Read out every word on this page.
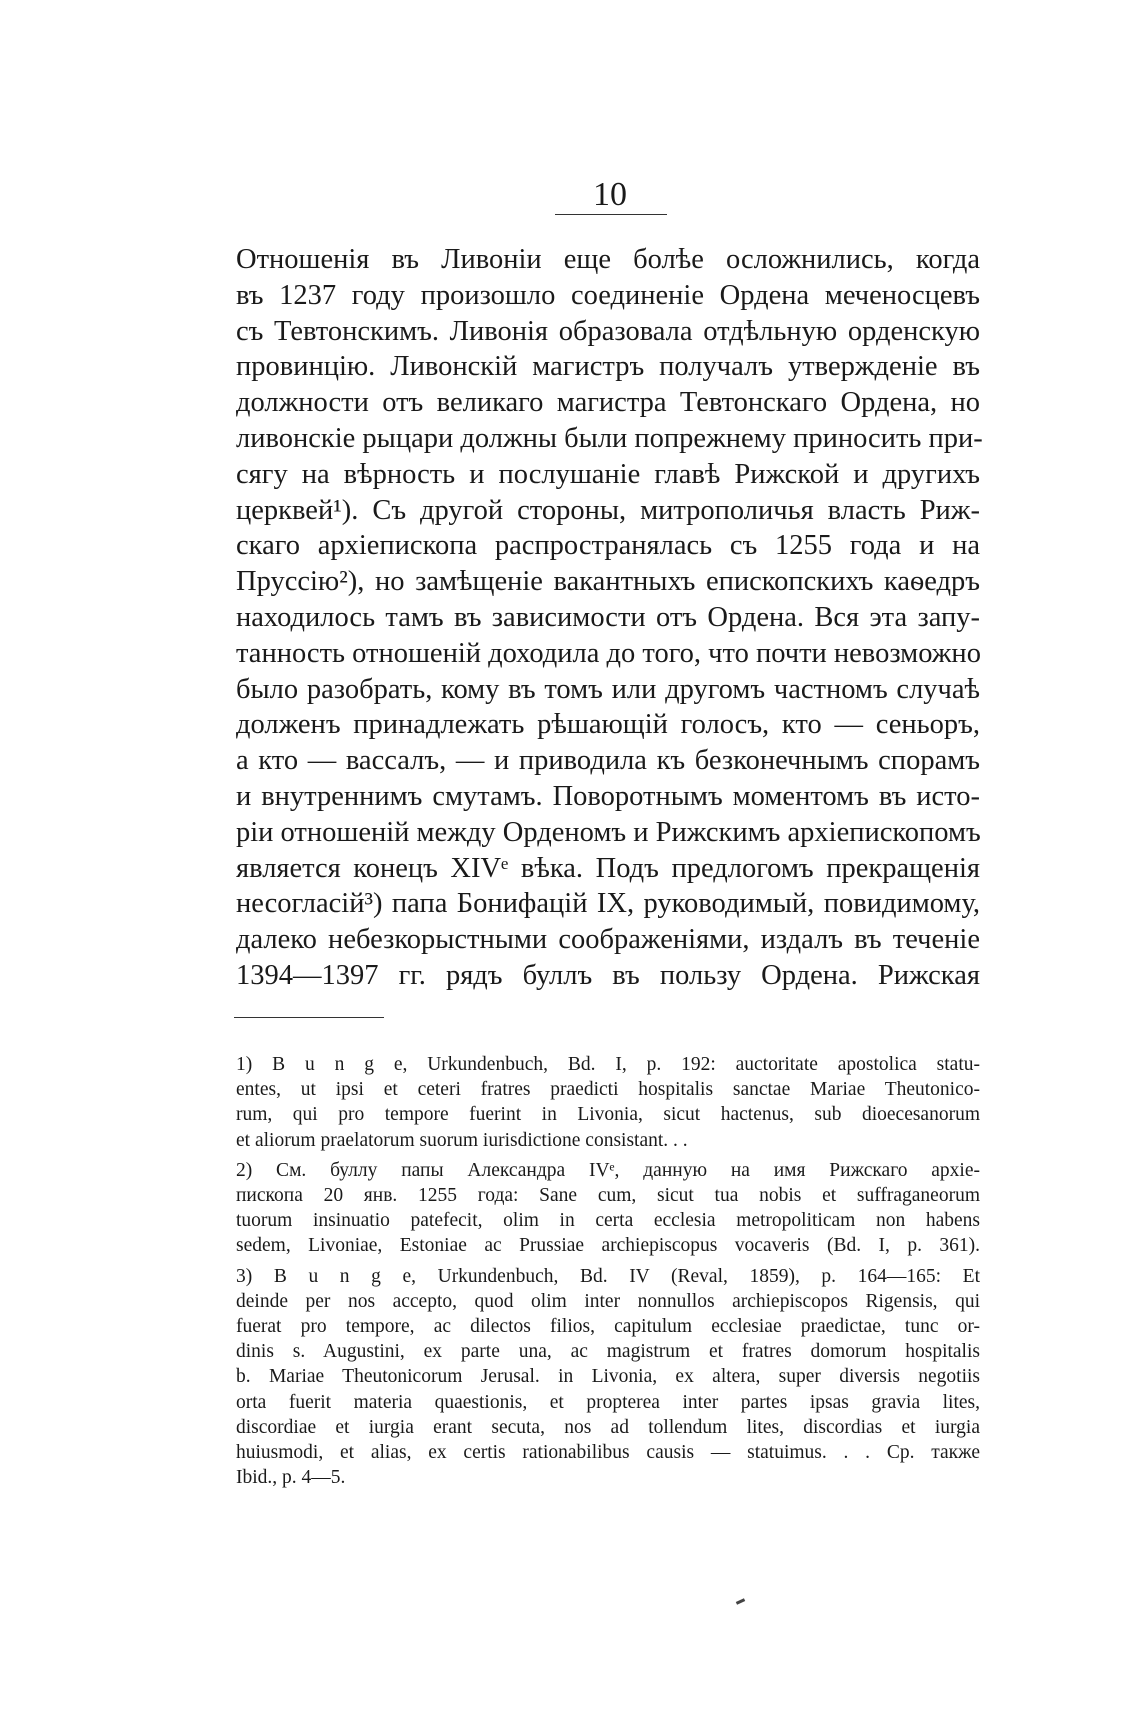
10
Отношенія въ Ливоніи еще болѣе осложнились, когда
въ 1237 году произошло соединеніе Ордена меченосцевъ
съ Тевтонскимъ. Ливонія образовала отдѣльную орденскую
провинцію. Ливонскій магистръ получалъ утвержденіе въ
должности отъ великаго магистра Тевтонскаго Ордена, но
ливонскіе рыцари должны были попрежнему приносить при-
сягу на вѣрность и послушаніе главѣ Рижской и другихъ
церквей¹). Съ другой стороны, митрополичья власть Риж-
скаго архіепископа распространялась съ 1255 года и на
Пруссію²), но замѣщеніе вакантныхъ епископскихъ каѳедръ
находилось тамъ въ зависимости отъ Ордена. Вся эта запу-
танность отношеній доходила до того, что почти невозможно
было разобрать, кому въ томъ или другомъ частномъ случаѣ
долженъ принадлежать рѣшающій голосъ, кто — сеньоръ,
а кто — вассалъ, — и приводила къ безконечнымъ спорамъ
и внутреннимъ смутамъ. Поворотнымъ моментомъ въ исто-
ріи отношеній между Орденомъ и Рижскимъ архіепископомъ
является конецъ XIVᵉ вѣка. Подъ предлогомъ прекращенія
несогласій³) папа Бонифацій IX, руководимый, повидимому,
далеко небезкорыстными соображеніями, издалъ въ теченіе
1394—1397 гг. рядъ буллъ въ пользу Ордена. Рижская
1) B u n g e, Urkundenbuch, Bd. I, p. 192: auctoritate apostolica statu-
entes, ut ipsi et ceteri fratres praedicti hospitalis sanctae Mariae Theutonico-
rum, qui pro tempore fuerint in Livonia, sicut hactenus, sub dioecesanorum
et aliorum praelatorum suorum iurisdictione consistant. . .
2) См. буллу папы Александра IVᵉ, данную на имя Рижскаго архіе-
пископа 20 янв. 1255 года: Sane cum, sicut tua nobis et suffraganeorum
tuorum insinuatio patefecit, olim in certa ecclesia metropoliticam non habens
sedem, Livoniae, Estoniae ac Prussiae archiepiscopus vocaveris (Bd. I, p. 361).
3) B u n g e, Urkundenbuch, Bd. IV (Reval, 1859), p. 164—165: Et
deinde per nos accepto, quod olim inter nonnullos archiepiscopos Rigensis, qui
fuerat pro tempore, ac dilectos filios, capitulum ecclesiae praedictae, tunc or-
dinis s. Augustini, ex parte una, ac magistrum et fratres domorum hospitalis
b. Mariae Theutonicorum Jerusal. in Livonia, ex altera, super diversis negotiis
orta fuerit materia quaestionis, et propterea inter partes ipsas gravia lites,
discordiae et iurgia erant secuta, nos ad tollendum lites, discordias et iurgia
huiusmodi, et alias, ex certis rationabilibus causis — statuimus. . . Ср. также
Ibid., p. 4—5.
